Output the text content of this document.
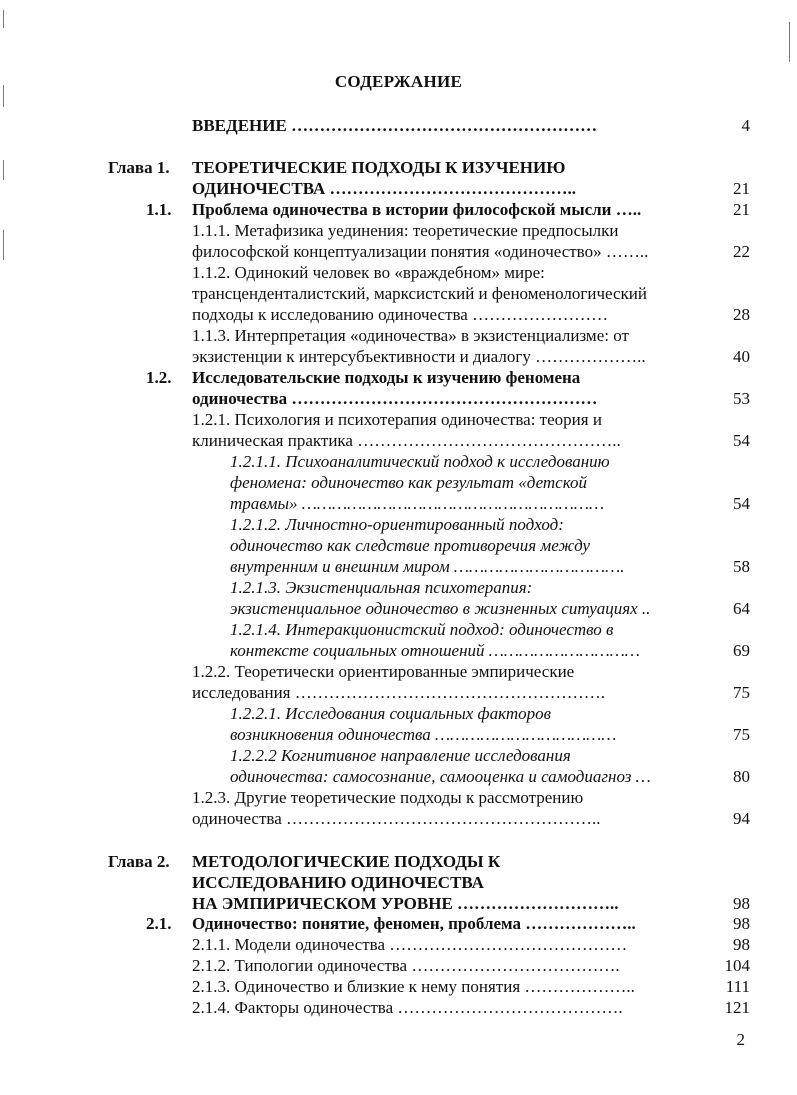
СОДЕРЖАНИЕ
ВВЕДЕНИЕ ………………………………………………	4
Глава 1. ТЕОРЕТИЧЕСКИЕ ПОДХОДЫ К ИЗУЧЕНИЮ
ОДИНОЧЕСТВА ……………………………………..	21
1.1. Проблема одиночества в истории философской мысли …..	21
1.1.1. Метафизика уединения: теоретические предпосылки
философской концептуализации понятия «одиночество» ……..	22
1.1.2. Одинокий человек во «враждебном» мире:
трансценденталистский, марксистский и феноменологический
подходы к исследованию одиночества ……………………	28
1.1.3. Интерпретация «одиночества» в экзистенциализме: от
экзистенции к интерсубъективности и диалогу ………………..	40
1.2. Исследовательские подходы к изучению феномена
одиночества ………………………………………………	53
1.2.1. Психология и психотерапия одиночества: теория и
клиническая практика ………………………………………..	54
1.2.1.1. Психоаналитический подход к исследованию
феномена: одиночество как результат «детской
травмы» ……………………………………………………	54
1.2.1.2. Личностно-ориентированный подход:
одиночество как следствие противоречия между
внутренним и внешним миром …………………………….	58
1.2.1.3. Экзистенциальная психотерапия:
экзистенциальное одиночество в жизненных ситуациях ..	64
1.2.1.4. Интеракционистский подход: одиночество в
контексте социальных отношений …………………………	69
1.2.2. Теоретически ориентированные эмпирические
исследования ……………………………………………….	75
1.2.2.1. Исследования социальных факторов
возникновения одиночества ………………………………	75
1.2.2.2 Когнитивное направление исследования
одиночества: самосознание, самооценка и самодиагноз …	80
1.2.3. Другие теоретические подходы к рассмотрению
одиночества ………………………………………………..	94
Глава 2. МЕТОДОЛОГИЧЕСКИЕ ПОДХОДЫ К
ИССЛЕДОВАНИЮ ОДИНОЧЕСТВА
НА ЭМПИРИЧЕСКОМ УРОВНЕ ………………………..	98
2.1. Одиночество: понятие, феномен, проблема ………………..	98
2.1.1. Модели одиночества ……………………………………	98
2.1.2. Типологии одиночества ……………………………….	104
2.1.3. Одиночество и близкие к нему понятия ………………..	111
2.1.4. Факторы одиночества ………………………………….	121
2
